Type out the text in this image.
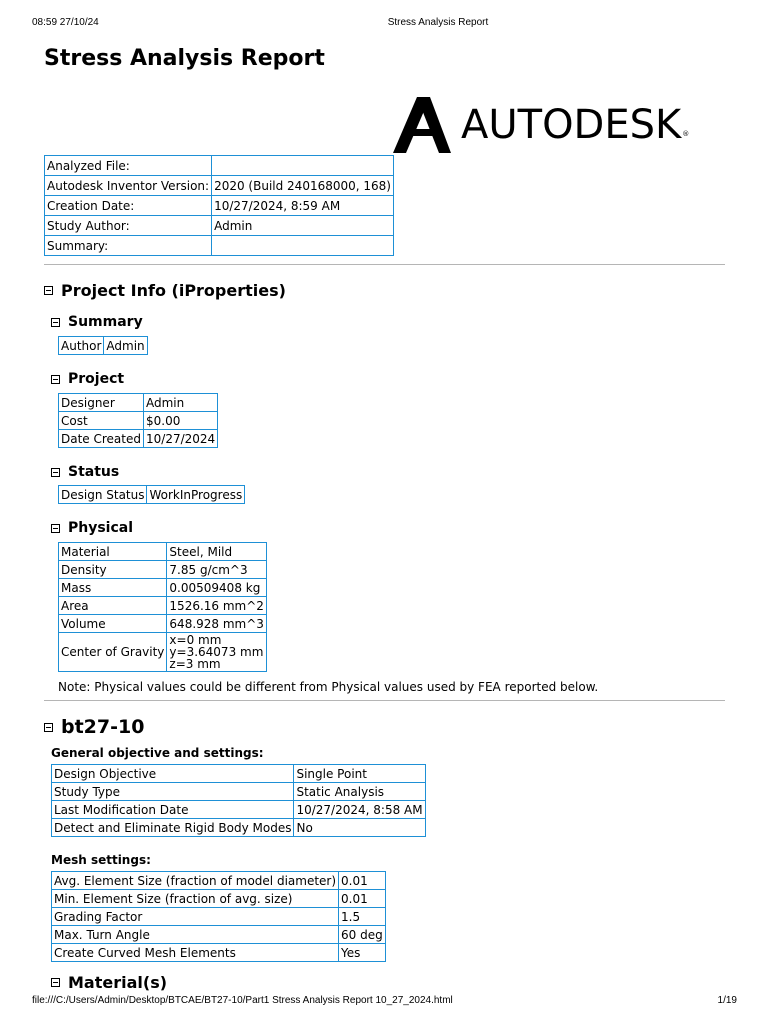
08:59 27/10/24	Stress Analysis Report
Stress Analysis Report
AUTODESK ®
Analyzed File:	
Autodesk Inventor Version:	2020 (Build 240168000, 168)
Creation Date:	10/27/2024, 8:59 AM
Study Author:	Admin
Summary:	
Project Info (iProperties)
Summary
Author	Admin
Project
Designer	Admin
Cost	$0.00
Date Created	10/27/2024
Status
Design Status	WorkInProgress
Physical
Material	Steel, Mild
Density	7.85 g/cm^3
Mass	0.00509408 kg
Area	1526.16 mm^2
Volume	648.928 mm^3
Center of Gravity	x=0 mm
y=3.64073 mm
z=3 mm
Note: Physical values could be different from Physical values used by FEA reported below.
bt27-10
General objective and settings:
Design Objective	Single Point
Study Type	Static Analysis
Last Modification Date	10/27/2024, 8:58 AM
Detect and Eliminate Rigid Body Modes	No
Mesh settings:
Avg. Element Size (fraction of model diameter)	0.01
Min. Element Size (fraction of avg. size)	0.01
Grading Factor	1.5
Max. Turn Angle	60 deg
Create Curved Mesh Elements	Yes
Material(s)
file:///C:/Users/Admin/Desktop/BTCAE/BT27-10/Part1 Stress Analysis Report 10_27_2024.html	1/19
